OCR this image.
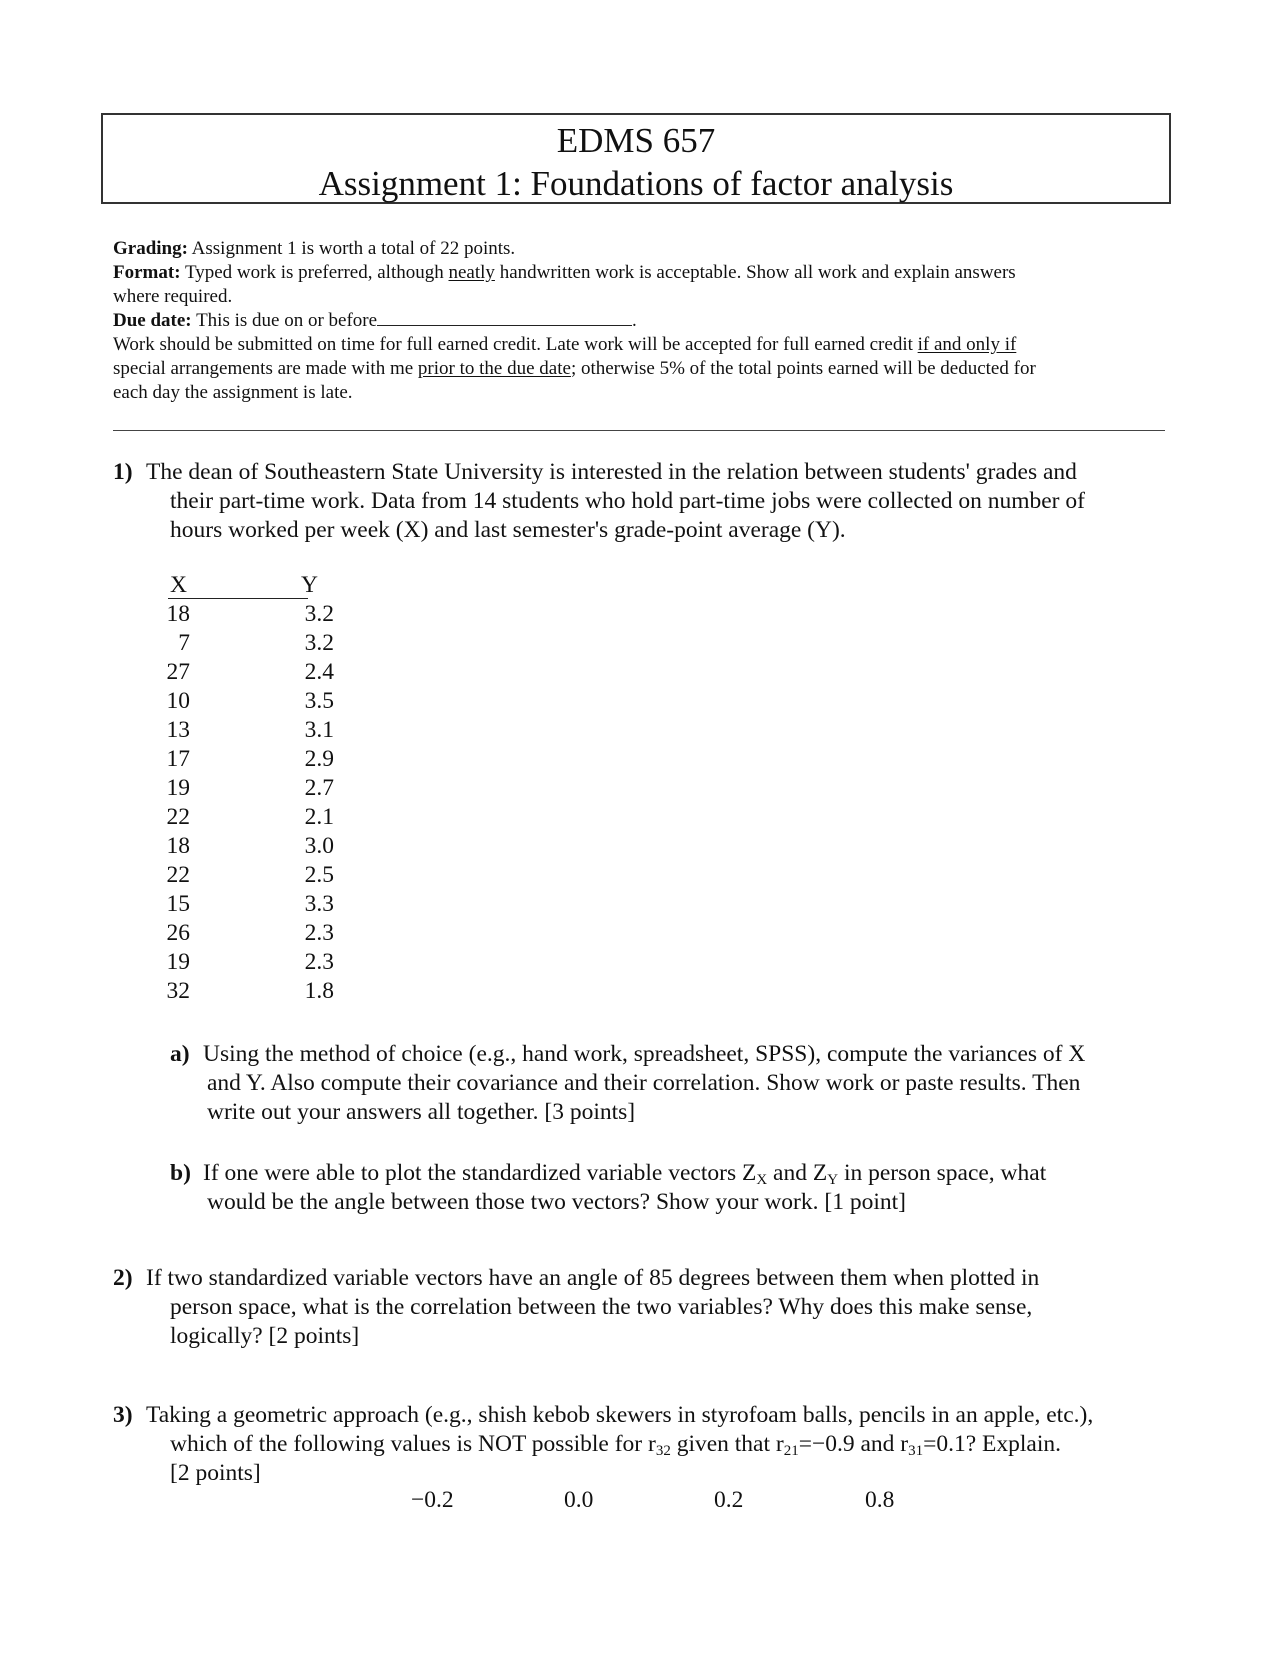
EDMS 657
Assignment 1: Foundations of factor analysis
Grading: Assignment 1 is worth a total of 22 points.
Format: Typed work is preferred, although neatly handwritten work is acceptable. Show all work and explain answers
where required.
Due date: This is due on or before	.
Work should be submitted on time for full earned credit. Late work will be accepted for full earned credit if and only if
special arrangements are made with me prior to the due date; otherwise 5% of the total points earned will be deducted for
each day the assignment is late.
1) The dean of Southeastern State University is interested in the relation between students' grades and
their part-time work. Data from 14 students who hold part-time jobs were collected on number of
hours worked per week (X) and last semester's grade-point average (Y).
X	Y
18	3.2
7	3.2
27	2.4
10	3.5
13	3.1
17	2.9
19	2.7
22	2.1
18	3.0
22	2.5
15	3.3
26	2.3
19	2.3
32	1.8
a) Using the method of choice (e.g., hand work, spreadsheet, SPSS), compute the variances of X
and Y. Also compute their covariance and their correlation. Show work or paste results. Then
write out your answers all together. [3 points]
b) If one were able to plot the standardized variable vectors $Z_X$ and $Z_Y$ in person space, what
would be the angle between those two vectors? Show your work. [1 point]
2) If two standardized variable vectors have an angle of 85 degrees between them when plotted in
person space, what is the correlation between the two variables? Why does this make sense,
logically? [2 points]
3) Taking a geometric approach (e.g., shish kebob skewers in styrofoam balls, pencils in an apple, etc.),
which of the following values is NOT possible for $r_{32}$ given that $r_{21}=-0.9$ and $r_{31}=0.1$? Explain.
[2 points]
−0.2	0.0	0.2	0.8
